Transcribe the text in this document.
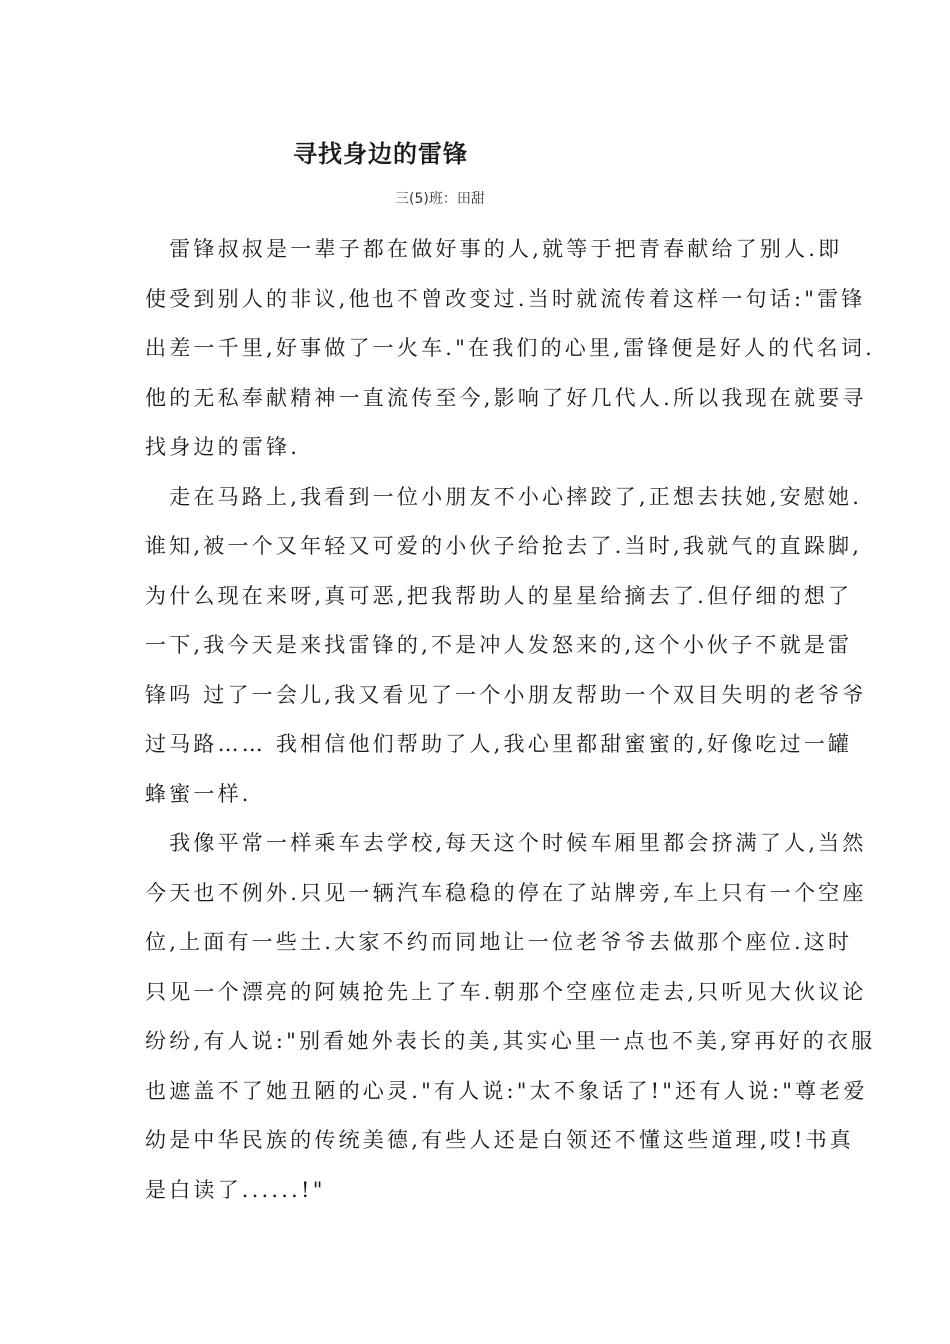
寻找身边的雷锋
三(5)班：田甜
　雷锋叔叔是一辈子都在做好事的人,就等于把青春献给了别人.即
使受到别人的非议,他也不曾改变过.当时就流传着这样一句话:"雷锋
出差一千里,好事做了一火车."在我们的心里,雷锋便是好人的代名词.
他的无私奉献精神一直流传至今,影响了好几代人.所以我现在就要寻
找身边的雷锋.
　走在马路上,我看到一位小朋友不小心摔跤了,正想去扶她,安慰她.
谁知,被一个又年轻又可爱的小伙子给抢去了.当时,我就气的直跺脚,
为什么现在来呀,真可恶,把我帮助人的星星给摘去了.但仔细的想了
一下,我今天是来找雷锋的,不是冲人发怒来的,这个小伙子不就是雷
锋吗 过了一会儿,我又看见了一个小朋友帮助一个双目失明的老爷爷
过马路…… 我相信他们帮助了人,我心里都甜蜜蜜的,好像吃过一罐
蜂蜜一样.
　我像平常一样乘车去学校,每天这个时候车厢里都会挤满了人,当然
今天也不例外.只见一辆汽车稳稳的停在了站牌旁,车上只有一个空座
位,上面有一些土.大家不约而同地让一位老爷爷去做那个座位.这时
只见一个漂亮的阿姨抢先上了车.朝那个空座位走去,只听见大伙议论
纷纷,有人说:"别看她外表长的美,其实心里一点也不美,穿再好的衣服
也遮盖不了她丑陋的心灵."有人说:"太不象话了!"还有人说:"尊老爱
幼是中华民族的传统美德,有些人还是白领还不懂这些道理,哎!书真
是白读了......!"
